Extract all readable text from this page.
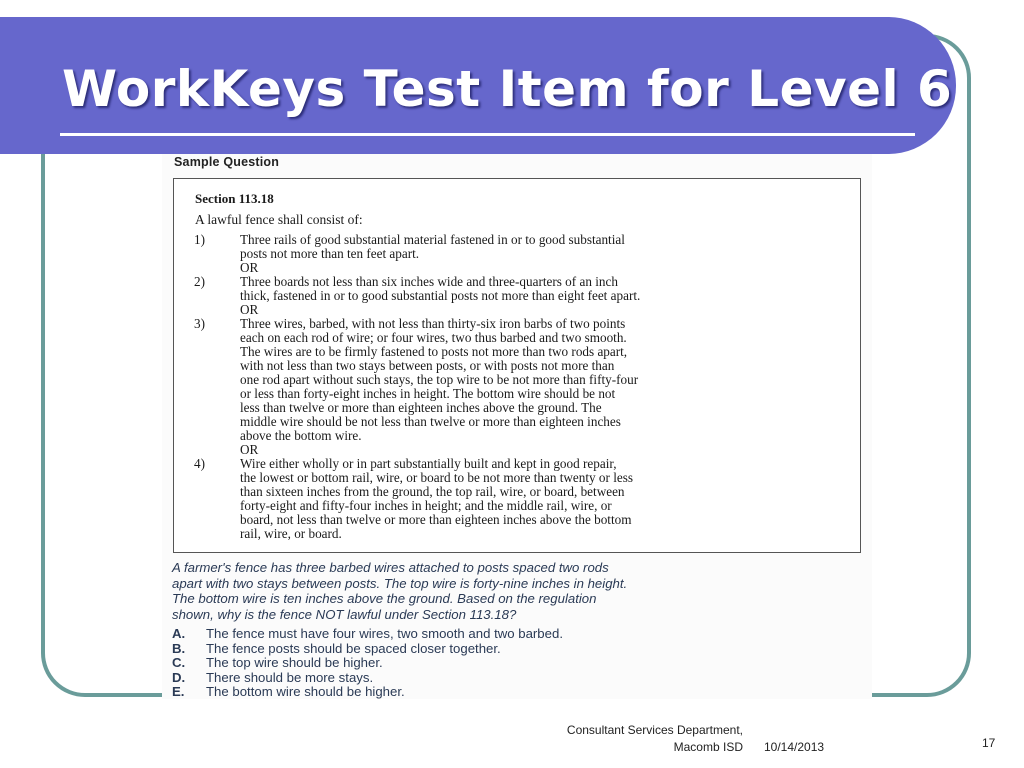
WorkKeys Test Item for Level 6
Sample Question
Section 113.18
A lawful fence shall consist of:
1)	Three rails of good substantial material fastened in or to good substantial
posts not more than ten feet apart.
OR
2)	Three boards not less than six inches wide and three-quarters of an inch
thick, fastened in or to good substantial posts not more than eight feet apart.
OR
3)	Three wires, barbed, with not less than thirty-six iron barbs of two points
each on each rod of wire; or four wires, two thus barbed and two smooth.
The wires are to be firmly fastened to posts not more than two rods apart,
with not less than two stays between posts, or with posts not more than
one rod apart without such stays, the top wire to be not more than fifty-four
or less than forty-eight inches in height. The bottom wire should be not
less than twelve or more than eighteen inches above the ground. The
middle wire should be not less than twelve or more than eighteen inches
above the bottom wire.
OR
4)	Wire either wholly or in part substantially built and kept in good repair,
the lowest or bottom rail, wire, or board to be not more than twenty or less
than sixteen inches from the ground, the top rail, wire, or board, between
forty-eight and fifty-four inches in height; and the middle rail, wire, or
board, not less than twelve or more than eighteen inches above the bottom
rail, wire, or board.
A farmer's fence has three barbed wires attached to posts spaced two rods
apart with two stays between posts. The top wire is forty-nine inches in height.
The bottom wire is ten inches above the ground. Based on the regulation
shown, why is the fence NOT lawful under Section 113.18?
A.	The fence must have four wires, two smooth and two barbed.
B.	The fence posts should be spaced closer together.
C.	The top wire should be higher.
D.	There should be more stays.
E.	The bottom wire should be higher.
Consultant Services Department,
Macomb ISD 10/14/2013	17
